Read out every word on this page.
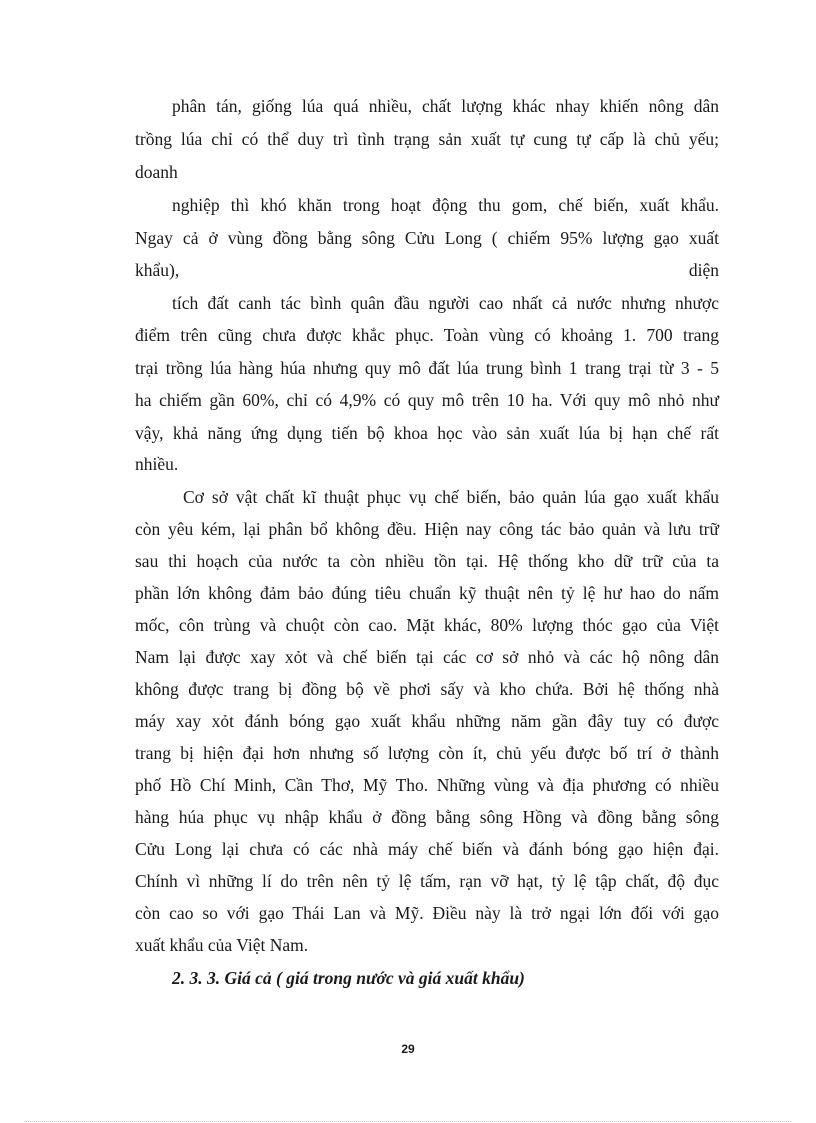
phân tán, giống lúa quá nhiều, chất lượng khác nhay khiến nông dân
trồng lúa chỉ có thể duy trì tình trạng sản xuất tự cung tự cấp là chủ yếu;
doanh
nghiệp thì khó khăn trong hoạt động thu gom, chế biến, xuất khẩu.
Ngay cả ở vùng đồng bằng sông Cửu Long ( chiếm 95% lượng gạo xuất
khẩu),	diện
tích đất canh tác bình quân đầu người cao nhất cả nước nhưng nhược
điểm trên cũng chưa được khắc phục. Toàn vùng có khoảng 1. 700 trang
trại trồng lúa hàng húa nhưng quy mô đất lúa trung bình 1 trang trại từ 3 - 5
ha chiếm gần 60%, chỉ có 4,9% có quy mô trên 10 ha. Với quy mô nhỏ như
vậy, khả năng ứng dụng tiến bộ khoa học vào sản xuất lúa bị hạn chế rất
nhiều.
Cơ sở vật chất kĩ thuật phục vụ chế biến, bảo quản lúa gạo xuất khẩu
còn yêu kém, lại phân bổ không đều. Hiện nay công tác bảo quản và lưu trữ
sau thi hoạch của nước ta còn nhiều tồn tại. Hệ thống kho dữ trữ của ta
phần lớn không đảm bảo đúng tiêu chuẩn kỹ thuật nên tỷ lệ hư hao do nấm
mốc, côn trùng và chuột còn cao. Mặt khác, 80% lượng thóc gạo của Việt
Nam lại được xay xỏt và chế biến tại các cơ sở nhỏ và các hộ nông dân
không được trang bị đồng bộ về phơi sấy và kho chứa. Bởi hệ thống nhà
máy xay xỏt đánh bóng gạo xuất khẩu những năm gần đây tuy có được
trang bị hiện đại hơn nhưng số lượng còn ít, chủ yếu được bố trí ở thành
phố Hồ Chí Minh, Cần Thơ, Mỹ Tho. Những vùng và địa phương có nhiều
hàng húa phục vụ nhập khẩu ở đồng bằng sông Hồng và đồng bằng sông
Cửu Long lại chưa có các nhà máy chế biến và đánh bóng gạo hiện đại.
Chính vì những lí do trên nên tỷ lệ tấm, rạn vỡ hạt, tỷ lệ tập chất, độ đục
còn cao so với gạo Thái Lan và Mỹ. Điều này là trở ngại lớn đối với gạo
xuất khẩu của Việt Nam.
2. 3. 3. Giá cả ( giá trong nước và giá xuất khẩu)
29
